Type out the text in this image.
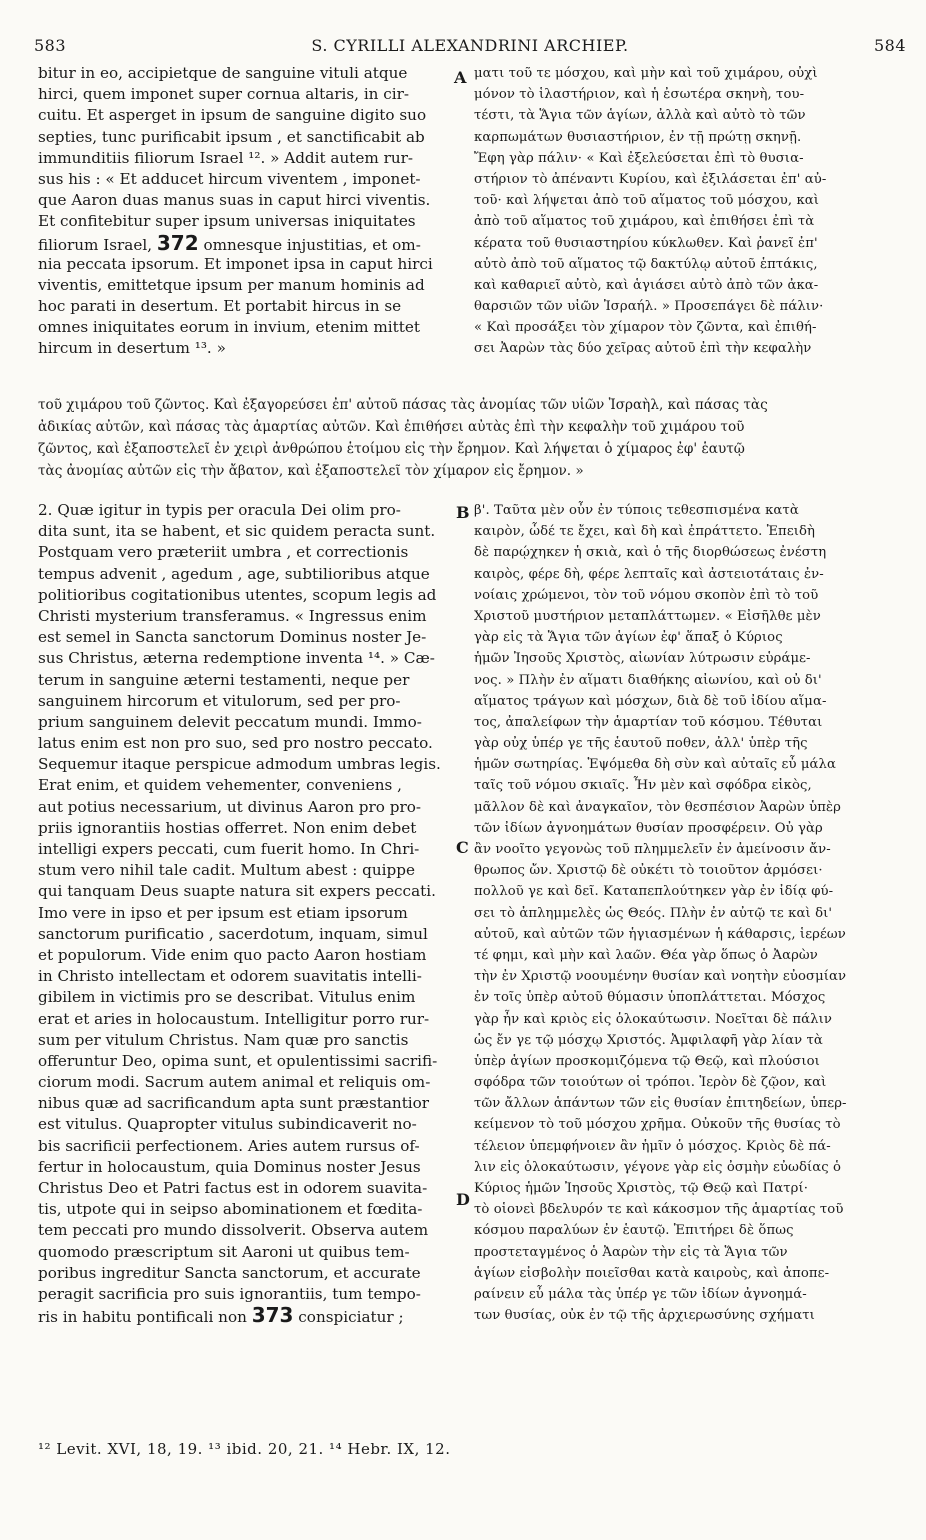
583	S. CYRILLI ALEXANDRINI ARCHIEP.	584
A
B
C
D
bitur in eo, accipietque de sanguine vituli atque
hirci, quem imponet super cornua altaris, in cir-
cuitu. Et asperget in ipsum de sanguine digito suo
septies, tunc purificabit ipsum , et sanctificabit ab
immunditiis filiorum Israel ¹². » Addit autem rur-
sus his : « Et adducet hircum viventem , imponet-
que Aaron duas manus suas in caput hirci viventis.
Et confitebitur super ipsum universas iniquitates
filiorum Israel, 372 omnesque injustitias, et om-
nia peccata ipsorum. Et imponet ipsa in caput hirci
viventis, emittetque ipsum per manum hominis ad
hoc parati in desertum. Et portabit hircus in se
omnes iniquitates eorum in invium, etenim mittet
hircum in desertum ¹³. »
ματι τοῦ τε μόσχου, καὶ μὴν καὶ τοῦ χιμάρου, οὐχὶ
μόνον τὸ ἱλαστήριον, καὶ ἡ ἐσωτέρα σκηνὴ, του-
τέστι, τὰ Ἅγια τῶν ἁγίων, ἀλλὰ καὶ αὐτὸ τὸ τῶν
καρπωμάτων θυσιαστήριον, ἐν τῇ πρώτῃ σκηνῇ.
Ἔφη γὰρ πάλιν· « Καὶ ἐξελεύσεται ἐπὶ τὸ θυσια-
στήριον τὸ ἀπέναντι Κυρίου, καὶ ἐξιλάσεται ἐπ' αὐ-
τοῦ· καὶ λήψεται ἀπὸ τοῦ αἵματος τοῦ μόσχου, καὶ
ἀπὸ τοῦ αἵματος τοῦ χιμάρου, καὶ ἐπιθήσει ἐπὶ τὰ
κέρατα τοῦ θυσιαστηρίου κύκλωθεν. Καὶ ῥανεῖ ἐπ'
αὐτὸ ἀπὸ τοῦ αἵματος τῷ δακτύλῳ αὐτοῦ ἑπτάκις,
καὶ καθαριεῖ αὐτὸ, καὶ ἁγιάσει αὐτὸ ἀπὸ τῶν ἀκα-
θαρσιῶν τῶν υἱῶν Ἰσραήλ. » Προσεπάγει δὲ πάλιν·
« Καὶ προσάξει τὸν χίμαρον τὸν ζῶντα, καὶ ἐπιθή-
σει Ἀαρὼν τὰς δύο χεῖρας αὐτοῦ ἐπὶ τὴν κεφαλὴν
τοῦ χιμάρου τοῦ ζῶντος. Καὶ ἐξαγορεύσει ἐπ' αὐτοῦ πάσας τὰς ἀνομίας τῶν υἱῶν Ἰσραὴλ, καὶ πάσας τὰς
ἀδικίας αὐτῶν, καὶ πάσας τὰς ἁμαρτίας αὐτῶν. Καὶ ἐπιθήσει αὐτὰς ἐπὶ τὴν κεφαλὴν τοῦ χιμάρου τοῦ
ζῶντος, καὶ ἐξαποστελεῖ ἐν χειρὶ ἀνθρώπου ἑτοίμου εἰς τὴν ἔρημον. Καὶ λήψεται ὁ χίμαρος ἐφ' ἑαυτῷ
τὰς ἀνομίας αὐτῶν εἰς τὴν ἄβατον, καὶ ἐξαποστελεῖ τὸν χίμαρον εἰς ἔρημον. »
2. Quæ igitur in typis per oracula Dei olim pro-
dita sunt, ita se habent, et sic quidem peracta sunt.
Postquam vero præteriit umbra , et correctionis
tempus advenit , agedum , age, subtilioribus atque
politioribus cogitationibus utentes, scopum legis ad
Christi mysterium transferamus. « Ingressus enim
est semel in Sancta sanctorum Dominus noster Je-
sus Christus, æterna redemptione inventa ¹⁴. » Cæ-
terum in sanguine æterni testamenti, neque per
sanguinem hircorum et vitulorum, sed per pro-
prium sanguinem delevit peccatum mundi. Immo-
latus enim est non pro suo, sed pro nostro peccato.
Sequemur itaque perspicue admodum umbras legis.
Erat enim, et quidem vehementer, conveniens ,
aut potius necessarium, ut divinus Aaron pro pro-
priis ignorantiis hostias offerret. Non enim debet
intelligi expers peccati, cum fuerit homo. In Chri-
stum vero nihil tale cadit. Multum abest : quippe
qui tanquam Deus suapte natura sit expers peccati.
Imo vere in ipso et per ipsum est etiam ipsorum
sanctorum purificatio , sacerdotum, inquam, simul
et populorum. Vide enim quo pacto Aaron hostiam
in Christo intellectam et odorem suavitatis intelli-
gibilem in victimis pro se describat. Vitulus enim
erat et aries in holocaustum. Intelligitur porro rur-
sum per vitulum Christus. Nam quæ pro sanctis
offeruntur Deo, opima sunt, et opulentissimi sacrifi-
ciorum modi. Sacrum autem animal et reliquis om-
nibus quæ ad sacrificandum apta sunt præstantior
est vitulus. Quapropter vitulus subindicaverit no-
bis sacrificii perfectionem. Aries autem rursus of-
fertur in holocaustum, quia Dominus noster Jesus
Christus Deo et Patri factus est in odorem suavita-
tis, utpote qui in seipso abominationem et fœdita-
tem peccati pro mundo dissolverit. Observa autem
quomodo præscriptum sit Aaroni ut quibus tem-
poribus ingreditur Sancta sanctorum, et accurate
peragit sacrificia pro suis ignorantiis, tum tempo-
ris in habitu pontificali non 373 conspiciatur ;
β'. Ταῦτα μὲν οὖν ἐν τύποις τεθεσπισμένα κατὰ
καιρὸν, ὧδέ τε ἔχει, καὶ δὴ καὶ ἐπράττετο. Ἐπειδὴ
δὲ παρῴχηκεν ἡ σκιὰ, καὶ ὁ τῆς διορθώσεως ἐνέστη
καιρὸς, φέρε δὴ, φέρε λεπταῖς καὶ ἀστειοτάταις ἐν-
νοίαις χρώμενοι, τὸν τοῦ νόμου σκοπὸν ἐπὶ τὸ τοῦ
Χριστοῦ μυστήριον μεταπλάττωμεν. « Εἰσῆλθε μὲν
γὰρ εἰς τὰ Ἅγια τῶν ἁγίων ἐφ' ἅπαξ ὁ Κύριος
ἡμῶν Ἰησοῦς Χριστὸς, αἰωνίαν λύτρωσιν εὑράμε-
νος. » Πλὴν ἐν αἵματι διαθήκης αἰωνίου, καὶ οὐ δι'
αἵματος τράγων καὶ μόσχων, διὰ δὲ τοῦ ἰδίου αἵμα-
τος, ἀπαλείφων τὴν ἁμαρτίαν τοῦ κόσμου. Τέθυται
γὰρ οὐχ ὑπέρ γε τῆς ἑαυτοῦ ποθεν, ἀλλ' ὑπὲρ τῆς
ἡμῶν σωτηρίας. Ἑψόμεθα δὴ σὺν καὶ αὐταῖς εὖ μάλα
ταῖς τοῦ νόμου σκιαῖς. Ἦν μὲν καὶ σφόδρα εἰκὸς,
μᾶλλον δὲ καὶ ἀναγκαῖον, τὸν θεσπέσιον Ἀαρὼν ὑπὲρ
τῶν ἰδίων ἀγνοημάτων θυσίαν προσφέρειν. Οὐ γὰρ
ἂν νοοῖτο γεγονὼς τοῦ πλημμελεῖν ἐν ἀμείνοσιν ἄν-
θρωπος ὤν. Χριστῷ δὲ οὐκέτι τὸ τοιοῦτον ἁρμόσει·
πολλοῦ γε καὶ δεῖ. Καταπεπλούτηκεν γὰρ ἐν ἰδίᾳ φύ-
σει τὸ ἀπλημμελὲς ὡς Θεός. Πλὴν ἐν αὐτῷ τε καὶ δι'
αὐτοῦ, καὶ αὐτῶν τῶν ἡγιασμένων ἡ κάθαρσις, ἱερέων
τέ φημι, καὶ μὴν καὶ λαῶν. Θέα γὰρ ὅπως ὁ Ἀαρὼν
τὴν ἐν Χριστῷ νοουμένην θυσίαν καὶ νοητὴν εὐοσμίαν
ἐν τοῖς ὑπὲρ αὐτοῦ θύμασιν ὑποπλάττεται. Μόσχος
γὰρ ἦν καὶ κριὸς εἰς ὁλοκαύτωσιν. Νοεῖται δὲ πάλιν
ὡς ἔν γε τῷ μόσχῳ Χριστός. Ἀμφιλαφῆ γὰρ λίαν τὰ
ὑπὲρ ἁγίων προσκομιζόμενα τῷ Θεῷ, καὶ πλούσιοι
σφόδρα τῶν τοιούτων οἱ τρόποι. Ἱερὸν δὲ ζῷον, καὶ
τῶν ἄλλων ἁπάντων τῶν εἰς θυσίαν ἐπιτηδείων, ὑπερ-
κείμενον τὸ τοῦ μόσχου χρῆμα. Οὐκοῦν τῆς θυσίας τὸ
τέλειον ὑπεμφήνοιεν ἂν ἡμῖν ὁ μόσχος. Κριὸς δὲ πά-
λιν εἰς ὁλοκαύτωσιν, γέγονε γὰρ εἰς ὀσμὴν εὐωδίας ὁ
Κύριος ἡμῶν Ἰησοῦς Χριστὸς, τῷ Θεῷ καὶ Πατρί·
τὸ οἱονεὶ βδελυρόν τε καὶ κάκοσμον τῆς ἁμαρτίας τοῦ
κόσμου παραλύων ἐν ἑαυτῷ. Ἐπιτήρει δὲ ὅπως
προστεταγμένος ὁ Ἀαρὼν τὴν εἰς τὰ Ἅγια τῶν
ἁγίων εἰσβολὴν ποιεῖσθαι κατὰ καιροὺς, καὶ ἀποπε-
ραίνειν εὖ μάλα τὰς ὑπέρ γε τῶν ἰδίων ἀγνοημά-
των θυσίας, οὐκ ἐν τῷ τῆς ἀρχιερωσύνης σχήματι
¹² Levit. XVI, 18, 19. ¹³ ibid. 20, 21. ¹⁴ Hebr. IX, 12.
